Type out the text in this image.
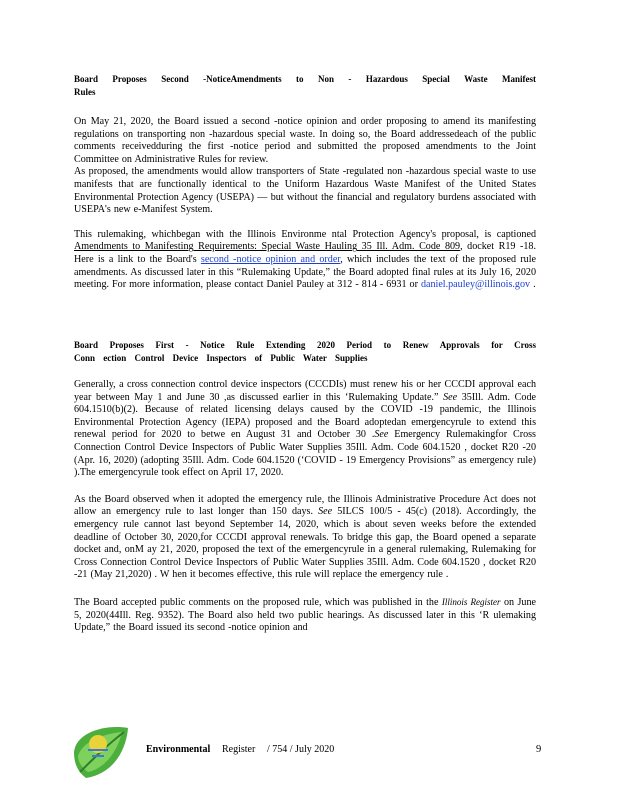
Board Proposes Second -NoticeAmendments to Non - Hazardous Special Waste Manifest
Rules

On May 21, 2020, the Board issued a second -notice opinion and order proposing to amend its manifesting regulations on transporting non -hazardous special waste. In doing so, the Board addressedeach of the public comments receivedduring the first -notice period and submitted the proposed amendments to the Joint Committee on Administrative Rules for review.

As proposed, the amendments would allow transporters of State -regulated non -hazardous special waste to use manifests that are functionally identical to the Uniform Hazardous Waste Manifest of the United States Environmental Protection Agency (USEPA) — but without the financial and regulatory burdens associated with USEPA's new e-Manifest System.

This rulemaking, whichbegan with the Illinois Environme ntal Protection Agency's proposal, is captioned Amendments to Manifesting Requirements: Special Waste Hauling 35 Ill. Adm. Code 809, docket R19 -18. Here is a link to the Board's second -notice opinion and order, which includes the text of the proposed rule amendments. As discussed later in this “Rulemaking Update,” the Board adopted final rules at its July 16, 2020 meeting. For more information, please contact Daniel Pauley at 312 - 814 - 6931 or daniel.pauley@illinois.gov .

Board Proposes First - Notice Rule Extending 2020 Period to Renew Approvals for Cross
Conn ection Control Device Inspectors of Public Water Supplies

Generally, a cross connection control device inspectors (CCCDIs) must renew his or her CCCDI approval each year between May 1 and June 30 ,as discussed earlier in this ‘Rulemaking Update.” See 35Ill. Adm. Code 604.1510(b)(2). Because of related licensing delays caused by the COVID -19 pandemic, the Illinois Environmental Protection Agency (IEPA) proposed and the Board adoptedan emergencyrule to extend this renewal period for 2020 to betwe en August 31 and October 30 .See Emergency Rulemakingfor Cross Connection Control Device Inspectors of Public Water Supplies 35Ill. Adm. Code 604.1520 , docket R20 -20 (Apr. 16, 2020) (adopting 35Ill. Adm. Code 604.1520 (‘COVID - 19 Emergency Provisions” as emergency rule) ).The emergencyrule took effect on April 17, 2020.

As the Board observed when it adopted the emergency rule, the Illinois Administrative Procedure Act does not allow an emergency rule to last longer than 150 days. See 5ILCS 100/5 - 45(c) (2018). Accordingly, the emergency rule cannot last beyond September 14, 2020, which is about seven weeks before the extended deadline of October 30, 2020,for CCCDI approval renewals. To bridge this gap, the Board opened a separate docket and, onM ay 21, 2020, proposed the text of the emergencyrule in a general rulemaking, Rulemaking for Cross Connection Control Device Inspectors of Public Water Supplies 35Ill. Adm. Code 604.1520 , docket R20 -21 (May 21,2020) . W hen it becomes effective, this rule will replace the emergency rule .

The Board accepted public comments on the proposed rule, which was published in the Illinois Register on June 5, 2020(44Ill. Reg. 9352). The Board also held two public hearings. As discussed later in this ‘R ulemaking Update,” the Board issued its second -notice opinion and

Environmental Register / 754 / July 2020	9
